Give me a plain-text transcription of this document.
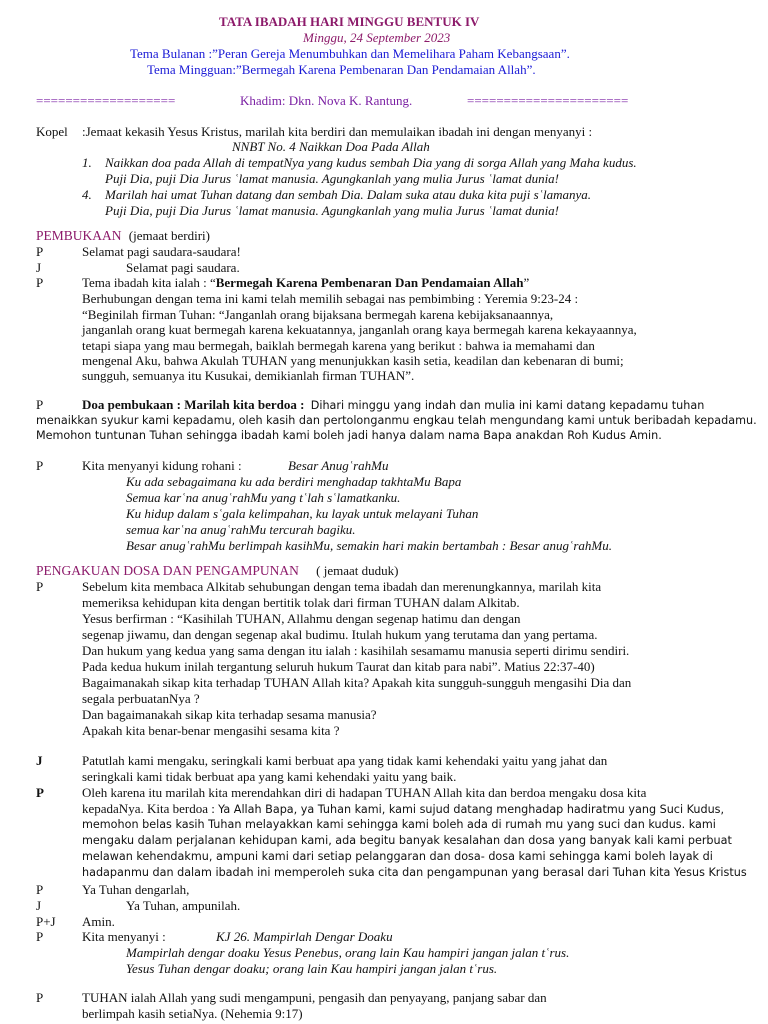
TATA IBADAH HARI MINGGU BENTUK IV
Minggu, 24 September 2023
Tema Bulanan :”Peran Gereja Menumbuhkan dan Memelihara Paham Kebangsaan”.
Tema Mingguan:”Bermegah Karena Pembenaran Dan Pendamaian Allah”.
===================	Khadim: Dkn. Nova K. Rantung.	======================
Kopel :Jemaat kekasih Yesus Kristus, marilah kita berdiri dan memulaikan ibadah ini dengan menyanyi :
NNBT No. 4 Naikkan Doa Pada Allah
1. Naikkan doa pada Allah di tempatNya yang kudus sembah Dia yang di sorga Allah yang Maha kudus.
Puji Dia, puji Dia Jurus ʿlamat manusia. Agungkanlah yang mulia Jurus ʿlamat dunia!
4. Marilah hai umat Tuhan datang dan sembah Dia. Dalam suka atau duka kita puji sʿlamanya.
Puji Dia, puji Dia Jurus ʿlamat manusia. Agungkanlah yang mulia Jurus ʿlamat dunia!
PEMBUKAAN (jemaat berdiri)
P	Selamat pagi saudara-saudara!
J	Selamat pagi saudara.
P	Tema ibadah kita ialah : “Bermegah Karena Pembenaran Dan Pendamaian Allah”
Berhubungan dengan tema ini kami telah memilih sebagai nas pembimbing : Yeremia 9:23-24 :
“Beginilah firman Tuhan: “Janganlah orang bijaksana bermegah karena kebijaksanaannya,
janganlah orang kuat bermegah karena kekuatannya, janganlah orang kaya bermegah karena kekayaannya,
tetapi siapa yang mau bermegah, baiklah bermegah karena yang berikut : bahwa ia memahami dan
mengenal Aku, bahwa Akulah TUHAN yang menunjukkan kasih setia, keadilan dan kebenaran di bumi;
sungguh, semuanya itu Kusukai, demikianlah firman TUHAN”.
P	Doa pembukaan : Marilah kita berdoa : Dihari minggu yang indah dan mulia ini kami datang kepadamu tuhan
menaikkan syukur kami kepadamu, oleh kasih dan pertolonganmu engkau telah mengundang kami untuk beribadah kepadamu.
Memohon tuntunan Tuhan sehingga ibadah kami boleh jadi hanya dalam nama Bapa anakdan Roh Kudus Amin.
P	Kita menyanyi kidung rohani :	Besar AnugʿrahMu
Ku ada sebagaimana ku ada berdiri menghadap takhtaMu Bapa
Semua karʿna anugʿrahMu yang tʿlah sʿlamatkanku.
Ku hidup dalam sʿgala kelimpahan, ku layak untuk melayani Tuhan
semua karʿna anugʿrahMu tercurah bagiku.
Besar anugʿrahMu berlimpah kasihMu, semakin hari makin bertambah : Besar anugʿrahMu.
PENGAKUAN DOSA DAN PENGAMPUNAN ( jemaat duduk)
P	Sebelum kita membaca Alkitab sehubungan dengan tema ibadah dan merenungkannya, marilah kita
memeriksa kehidupan kita dengan bertitik tolak dari firman TUHAN dalam Alkitab.
Yesus berfirman : “Kasihilah TUHAN, Allahmu dengan segenap hatimu dan dengan
segenap jiwamu, dan dengan segenap akal budimu. Itulah hukum yang terutama dan yang pertama.
Dan hukum yang kedua yang sama dengan itu ialah : kasihilah sesamamu manusia seperti dirimu sendiri.
Pada kedua hukum inilah tergantung seluruh hukum Taurat dan kitab para nabi”. Matius 22:37-40)
Bagaimanakah sikap kita terhadap TUHAN Allah kita? Apakah kita sungguh-sungguh mengasihi Dia dan
segala perbuatanNya ?
Dan bagaimanakah sikap kita terhadap sesama manusia?
Apakah kita benar-benar mengasihi sesama kita ?
J	Patutlah kami mengaku, seringkali kami berbuat apa yang tidak kami kehendaki yaitu yang jahat dan
seringkali kami tidak berbuat apa yang kami kehendaki yaitu yang baik.
P	Oleh karena itu marilah kita merendahkan diri di hadapan TUHAN Allah kita dan berdoa mengaku dosa kita
kepadaNya. Kita berdoa : Ya Allah Bapa, ya Tuhan kami, kami sujud datang menghadap hadiratmu yang Suci Kudus,
memohon belas kasih Tuhan melayakkan kami sehingga kami boleh ada di rumah mu yang suci dan kudus. kami
mengaku dalam perjalanan kehidupan kami, ada begitu banyak kesalahan dan dosa yang banyak kali kami perbuat
melawan kehendakmu, ampuni kami dari setiap pelanggaran dan dosa- dosa kami sehingga kami boleh layak di
hadapanmu dan dalam ibadah ini memperoleh suka cita dan pengampunan yang berasal dari Tuhan kita Yesus Kristus
P	Ya Tuhan dengarlah,
J	Ya Tuhan, ampunilah.
P+J Amin.
P	Kita menyanyi :	KJ 26. Mampirlah Dengar Doaku
Mampirlah dengar doaku Yesus Penebus, orang lain Kau hampiri jangan jalan tʿrus.
Yesus Tuhan dengar doaku; orang lain Kau hampiri jangan jalan tʿrus.
P	TUHAN ialah Allah yang sudi mengampuni, pengasih dan penyayang, panjang sabar dan
berlimpah kasih setiaNya. (Nehemia 9:17)
